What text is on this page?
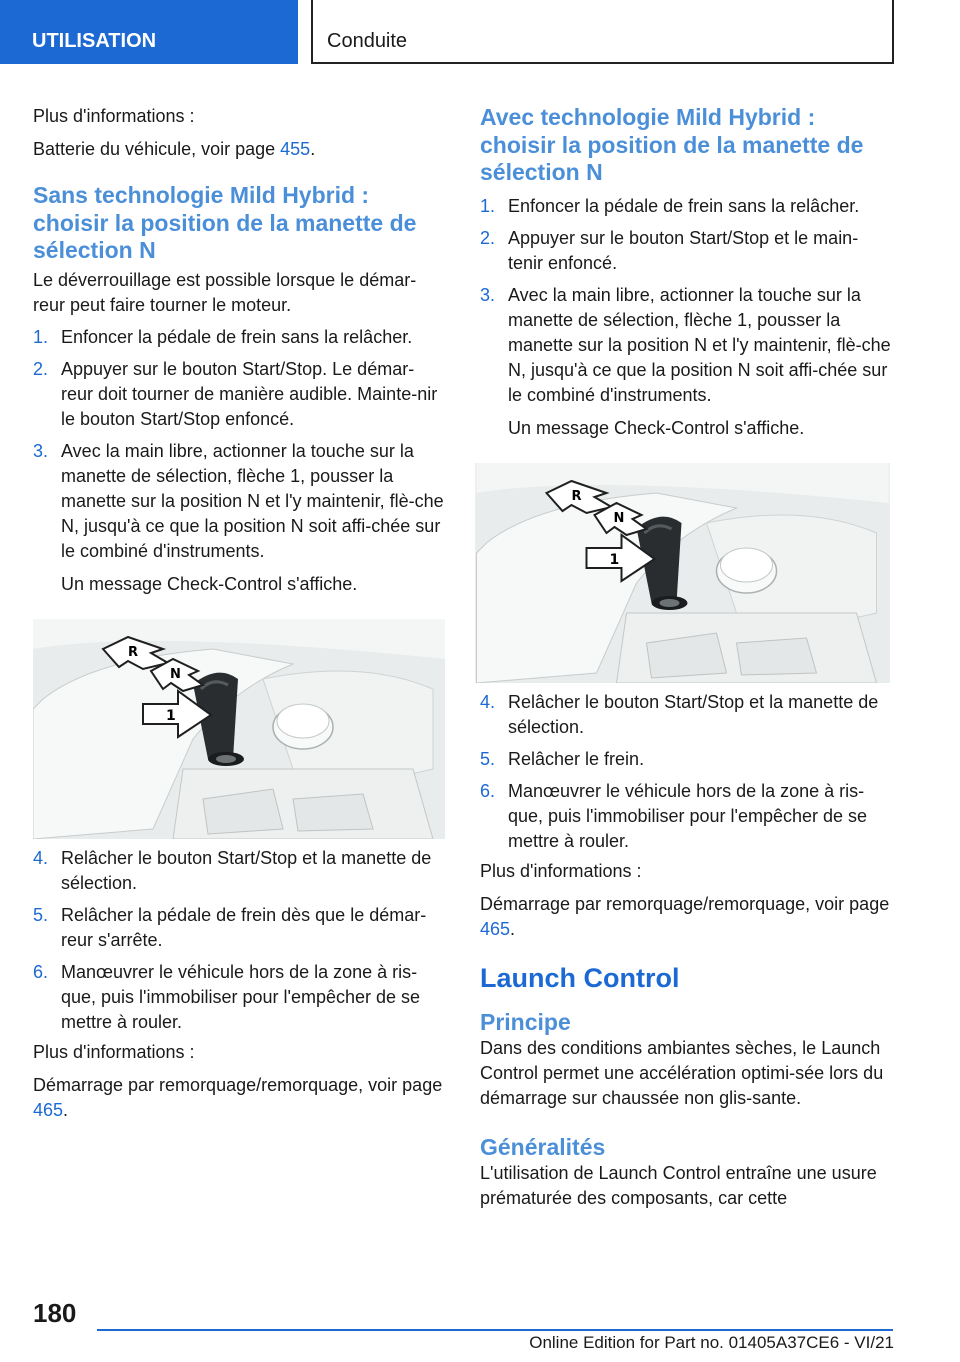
UTILISATION	Conduite

Plus d'informations :

Batterie du véhicule, voir page 455.

Sans technologie Mild Hybrid :
choisir la position de la manette de
sélection N

Le déverrouillage est possible lorsque le démar‐reur peut faire tourner le moteur.

1. Enfoncer la pédale de frein sans la relâcher.
2. Appuyer sur le bouton Start/Stop. Le démar‐reur doit tourner de manière audible. Mainte‐nir le bouton Start/Stop enfoncé.
3. Avec la main libre, actionner la touche sur la manette de sélection, flèche 1, pousser la manette sur la position N et l'y maintenir, flè‐che N, jusqu'à ce que la position N soit affi‐chée sur le combiné d'instruments.
Un message Check-Control s'affiche.
R
N
1
4. Relâcher le bouton Start/Stop et la manette de sélection.
5. Relâcher la pédale de frein dès que le démar‐reur s'arrête.
6. Manœuvrer le véhicule hors de la zone à ris‐que, puis l'immobiliser pour l'empêcher de se mettre à rouler.

Plus d'informations :

Démarrage par remorquage/remorquage, voir page 465.

Avec technologie Mild Hybrid :
choisir la position de la manette de
sélection N
1. Enfoncer la pédale de frein sans la relâcher.
2. Appuyer sur le bouton Start/Stop et le main‐tenir enfoncé.
3. Avec la main libre, actionner la touche sur la manette de sélection, flèche 1, pousser la manette sur la position N et l'y maintenir, flè‐che N, jusqu'à ce que la position N soit affi‐chée sur le combiné d'instruments.
Un message Check-Control s'affiche.
R
N
1
4. Relâcher le bouton Start/Stop et la manette de sélection.
5. Relâcher le frein.
6. Manœuvrer le véhicule hors de la zone à ris‐que, puis l'immobiliser pour l'empêcher de se mettre à rouler.

Plus d'informations :

Démarrage par remorquage/remorquage, voir page 465.

Launch Control
Principe

Dans des conditions ambiantes sèches, le Launch Control permet une accélération optimi‐sée lors du démarrage sur chaussée non glis‐sante.

Généralités

L'utilisation de Launch Control entraîne une usure prématurée des composants, car cette

180
Online Edition for Part no. 01405A37CE6 - VI/21
